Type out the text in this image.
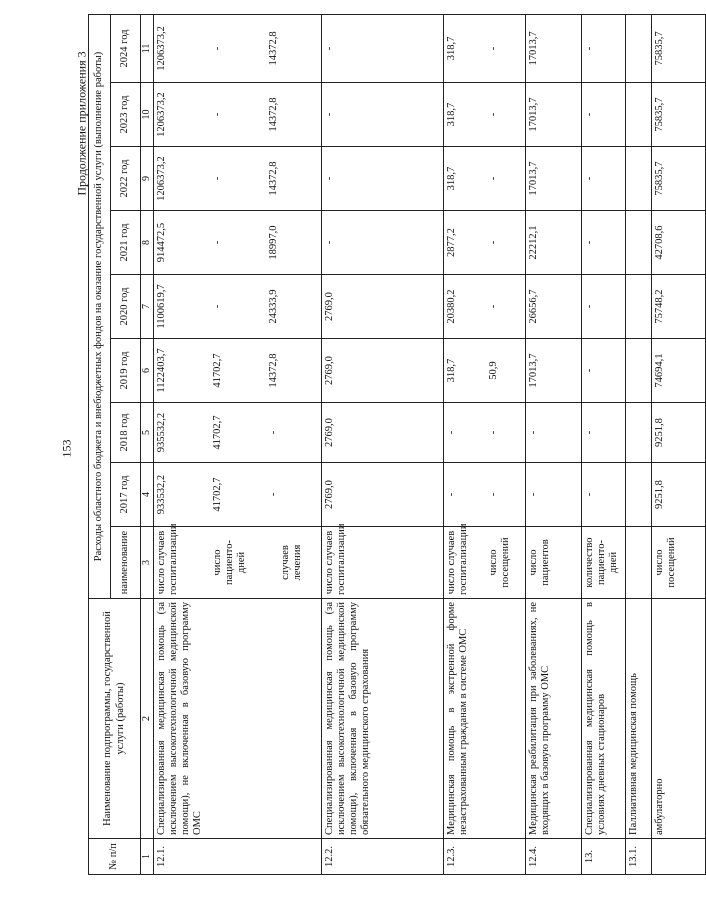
153
Продолжение приложения 3
№ п/п	Наименование подпрограммы, государственной услуги (работы)	Расходы областного бюджета и внебюджетных фондов на оказание государственной услуги (выполнение работы)								
		наименование	2017 год	2018 год	2019 год	2020 год	2021 год	2022 год	2023 год	2024 год
1	2	3	4	5	6	7	8	9	10	11
12.1.	Специализированная медицинская помощь (за исключением высокотехнологичной медицинской помощи), не включенная в базовую программу ОМС	число случаев госпитализации число пациенто-дней случаев лечения	933532,2 41702,7 -	935532,2 41702,7 -	1122403,7 41702,7 14372,8	1100619,7 - 24333,9	914472,5 - 18997,0	1206373,2 - 14372,8	1206373,2 - 14372,8	1206373,2 - 14372,8

12.2.	Специализированная медицинская помощь (за исключением высокотехнологичной медицинской помощи), включенная в базовую программу обязательного медицинского страхования	число случаев госпитализации	2769,0	2769,0	2769,0	2769,0	-	-	-	-

12.3.	Медицинская помощь в экстренной форме незастрахованным гражданам в системе ОМС	число случаев госпитализации число посещений	- -	- -	318,7 50,9	20380,2 -	2877,2 -	318,7 -	318,7 -	318,7 -

12.4.	Медицинская реабилитация при заболеваниях, не входящих в базовую программу ОМС	число пациентов	-	-	17013,7	26656,7	22212,1	17013,7	17013,7	17013,7

13.	Специализированная медицинская помощь в условиях дневных стационаров	количество пациенто-дней	-	-	-	-	-	-	-	-

13.1.	Паллиативная медицинская помощь									
	амбулаторно	число посещений	9251,8	9251,8	74694,1	75748,2	42708,6	75835,7	75835,7	75835,7
